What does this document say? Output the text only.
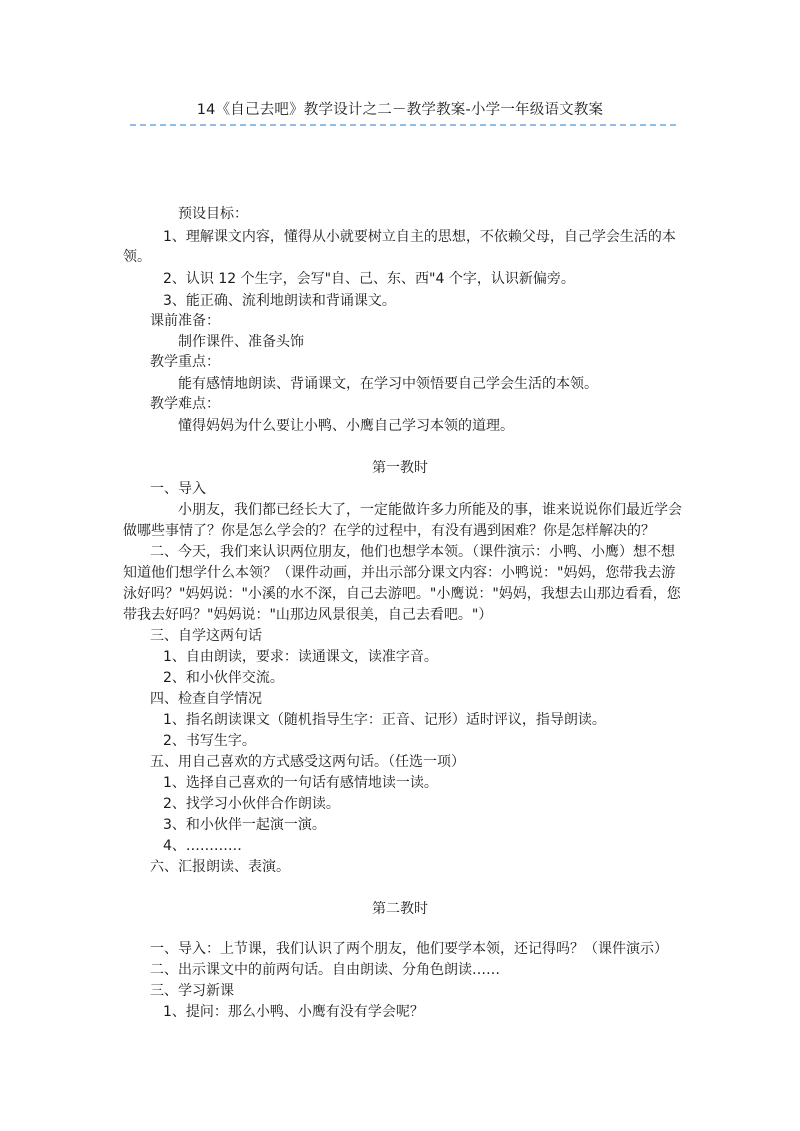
14《自己去吧》教学设计之二－教学教案-小学一年级语文教案
预设目标：
1、理解课文内容，懂得从小就要树立自主的思想，不依赖父母，自己学会生活的本
领。
2、认识 12 个生字，会写"自、己、东、西"4 个字，认识新偏旁。
3、能正确、流利地朗读和背诵课文。
课前准备：
制作课件、准备头饰
教学重点：
能有感情地朗读、背诵课文，在学习中领悟要自己学会生活的本领。
教学难点：
懂得妈妈为什么要让小鸭、小鹰自己学习本领的道理。
第一教时
一、导入
小朋友，我们都已经长大了，一定能做许多力所能及的事，谁来说说你们最近学会
做哪些事情了？你是怎么学会的？在学的过程中，有没有遇到困难？你是怎样解决的？
二、今天，我们来认识两位朋友，他们也想学本领。（课件演示：小鸭、小鹰）想不想
知道他们想学什么本领？（课件动画，并出示部分课文内容：小鸭说："妈妈，您带我去游
泳好吗？"妈妈说："小溪的水不深，自己去游吧。"小鹰说："妈妈，我想去山那边看看，您
带我去好吗？"妈妈说："山那边风景很美，自己去看吧。"）
三、自学这两句话
1、自由朗读，要求：读通课文，读准字音。
2、和小伙伴交流。
四、检查自学情况
1、指名朗读课文（随机指导生字：正音、记形）适时评议，指导朗读。
2、书写生字。
五、用自己喜欢的方式感受这两句话。（任选一项）
1、选择自己喜欢的一句话有感情地读一读。
2、找学习小伙伴合作朗读。
3、和小伙伴一起演一演。
4、…………
六、汇报朗读、表演。
第二教时
一、导入：上节课，我们认识了两个朋友，他们要学本领，还记得吗？（课件演示）
二、出示课文中的前两句话。自由朗读、分角色朗读……
三、学习新课
1、提问：那么小鸭、小鹰有没有学会呢？
